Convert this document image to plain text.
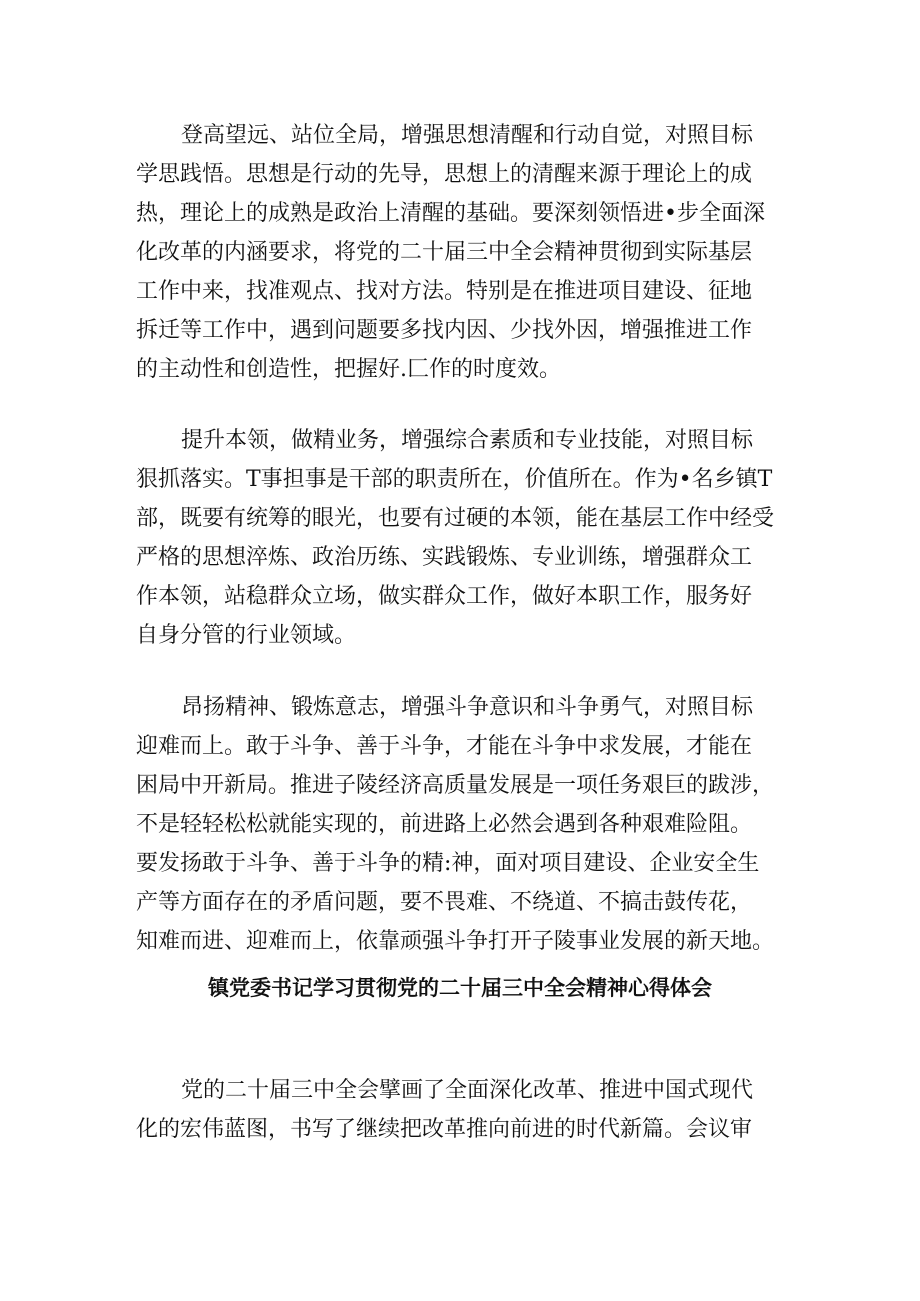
登高望远、站位全局，增强思想清醒和行动自觉，对照目标
学思践悟。思想是行动的先导，思想上的清醒来源于理论上的成
热，理论上的成熟是政治上清醒的基础。要深刻领悟进•步全面深
化改革的内涵要求，将党的二十届三中全会精神贯彻到实际基层
工作中来，找准观点、找对方法。特别是在推进项目建设、征地
拆迁等工作中，遇到问题要多找内因、少找外因，增强推进工作
的主动性和创造性，把握好.匚作的时度效。
提升本领，做精业务，增强综合素质和专业技能，对照目标
狠抓落实。T事担事是干部的职责所在，价值所在。作为•名乡镇T
部，既要有统筹的眼光，也要有过硬的本领，能在基层工作中经受
严格的思想淬炼、政治历练、实践锻炼、专业训练，增强群众工
作本领，站稳群众立场，做实群众工作，做好本职工作，服务好
自身分管的行业领域。
昂扬精神、锻炼意志，增强斗争意识和斗争勇气，对照目标
迎难而上。敢于斗争、善于斗争，才能在斗争中求发展，才能在
困局中开新局。推进子陵经济高质量发展是一项任务艰巨的跋涉，
不是轻轻松松就能实现的，前进路上必然会遇到各种艰难险阻。
要发扬敢于斗争、善于斗争的精:神，面对项目建设、企业安全生
产等方面存在的矛盾问题，要不畏难、不绕道、不搞击鼓传花，
知难而进、迎难而上，依靠顽强斗争打开子陵事业发展的新天地。
镇党委书记学习贯彻党的二十届三中全会精神心得体会
党的二十届三中全会擘画了全面深化改革、推进中国式现代
化的宏伟蓝图，书写了继续把改革推向前进的时代新篇。会议审
